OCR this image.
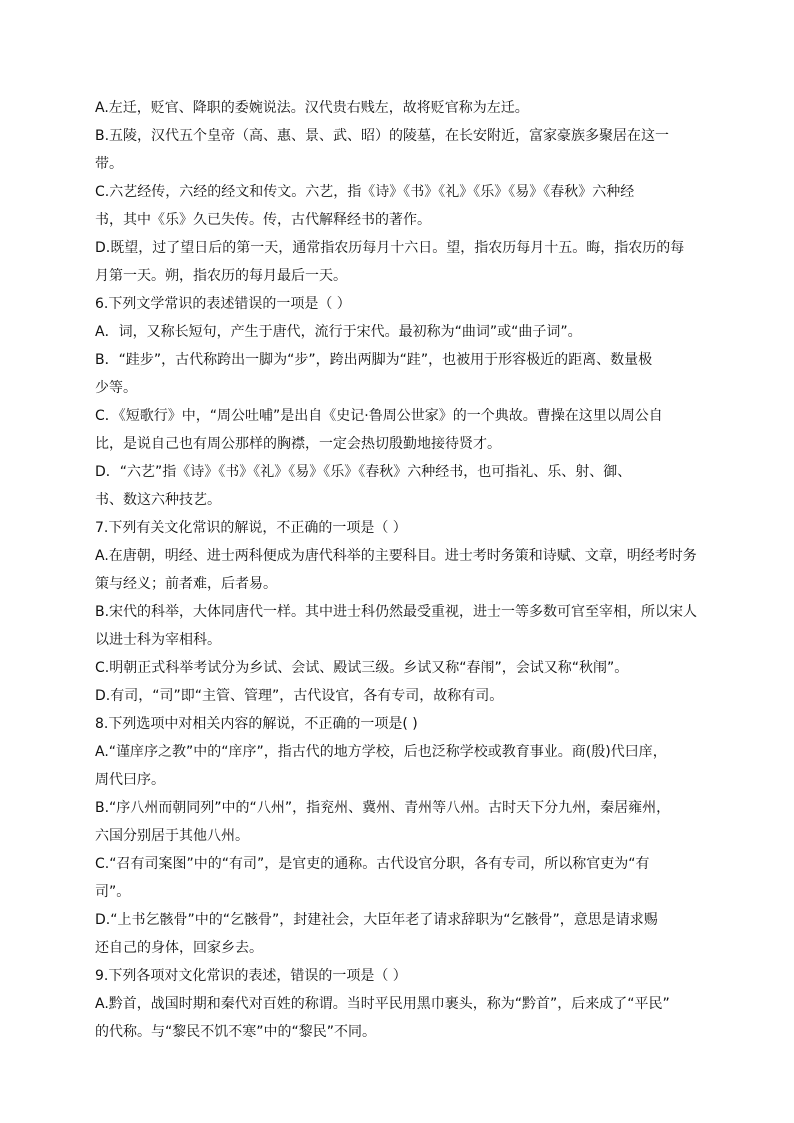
A.左迁，贬官、降职的委婉说法。汉代贵右贱左，故将贬官称为左迁。
B.五陵，汉代五个皇帝（高、惠、景、武、昭）的陵墓，在长安附近，富家豪族多聚居在这一
带。
C.六艺经传，六经的经文和传文。六艺，指《诗》《书》《礼》《乐》《易》《春秋》六种经
书，其中《乐》久已失传。传，古代解释经书的著作。
D.既望，过了望日后的第一天，通常指农历每月十六日。望，指农历每月十五。晦，指农历的每
月第一天。朔，指农历的每月最后一天。
6.下列文学常识的表述错误的一项是（ ）
A．词，又称长短句，产生于唐代，流行于宋代。最初称为“曲词”或“曲子词”。
B．“跬步”，古代称跨出一脚为“步”，跨出两脚为“跬”，也被用于形容极近的距离、数量极
少等。
C．《短歌行》中，“周公吐哺”是出自《史记·鲁周公世家》的一个典故。曹操在这里以周公自
比，是说自己也有周公那样的胸襟，一定会热切殷勤地接待贤才。
D．“六艺”指《诗》《书》《礼》《易》《乐》《春秋》六种经书，也可指礼、乐、射、御、
书、数这六种技艺。
7.下列有关文化常识的解说，不正确的一项是（ ）
A.在唐朝，明经、进士两科便成为唐代科举的主要科目。进士考时务策和诗赋、文章，明经考时务
策与经义；前者难，后者易。
B.宋代的科举，大体同唐代一样。其中进士科仍然最受重视，进士一等多数可官至宰相，所以宋人
以进士科为宰相科。
C.明朝正式科举考试分为乡试、会试、殿试三级。乡试又称“春闱”，会试又称“秋闱”。
D.有司，“司”即“主管、管理”，古代设官，各有专司，故称有司。
8.下列选项中对相关内容的解说，不正确的一项是( )
A.“谨庠序之教”中的“庠序”，指古代的地方学校，后也泛称学校或教育事业。商(殷)代曰庠，
周代曰序。
B.“序八州而朝同列”中的“八州”，指兖州、冀州、青州等八州。古时天下分九州，秦居雍州，
六国分别居于其他八州。
C.“召有司案图”中的“有司”，是官吏的通称。古代设官分职，各有专司，所以称官吏为“有
司”。
D.“上书乞骸骨”中的“乞骸骨”，封建社会，大臣年老了请求辞职为“乞骸骨”，意思是请求赐
还自己的身体，回家乡去。
9.下列各项对文化常识的表述，错误的一项是（ ）
A.黔首，战国时期和秦代对百姓的称谓。当时平民用黑巾裹头，称为“黔首”，后来成了“平民”
的代称。与“黎民不饥不寒”中的“黎民”不同。
